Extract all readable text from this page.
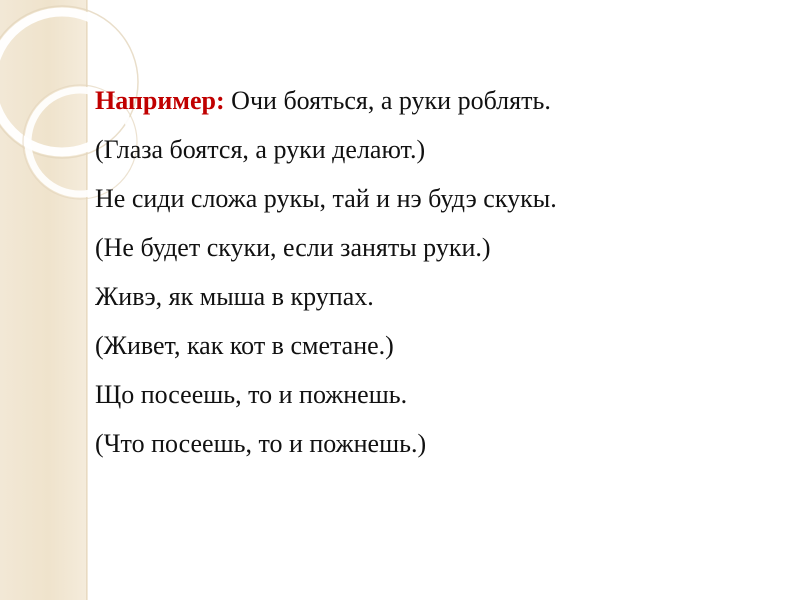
Например: Очи боятьcя, а руки роблять.
(Глаза боятся, а руки делают.)
Не сиди сложа рукы, тай и нэ будэ скукы.
(Не будет скуки, если заняты руки.)
Живэ, як мыша в крупах.
(Живет, как кот в сметане.)
Що посеешь, то и пожнешь.
(Что посеешь, то и пожнешь.)
